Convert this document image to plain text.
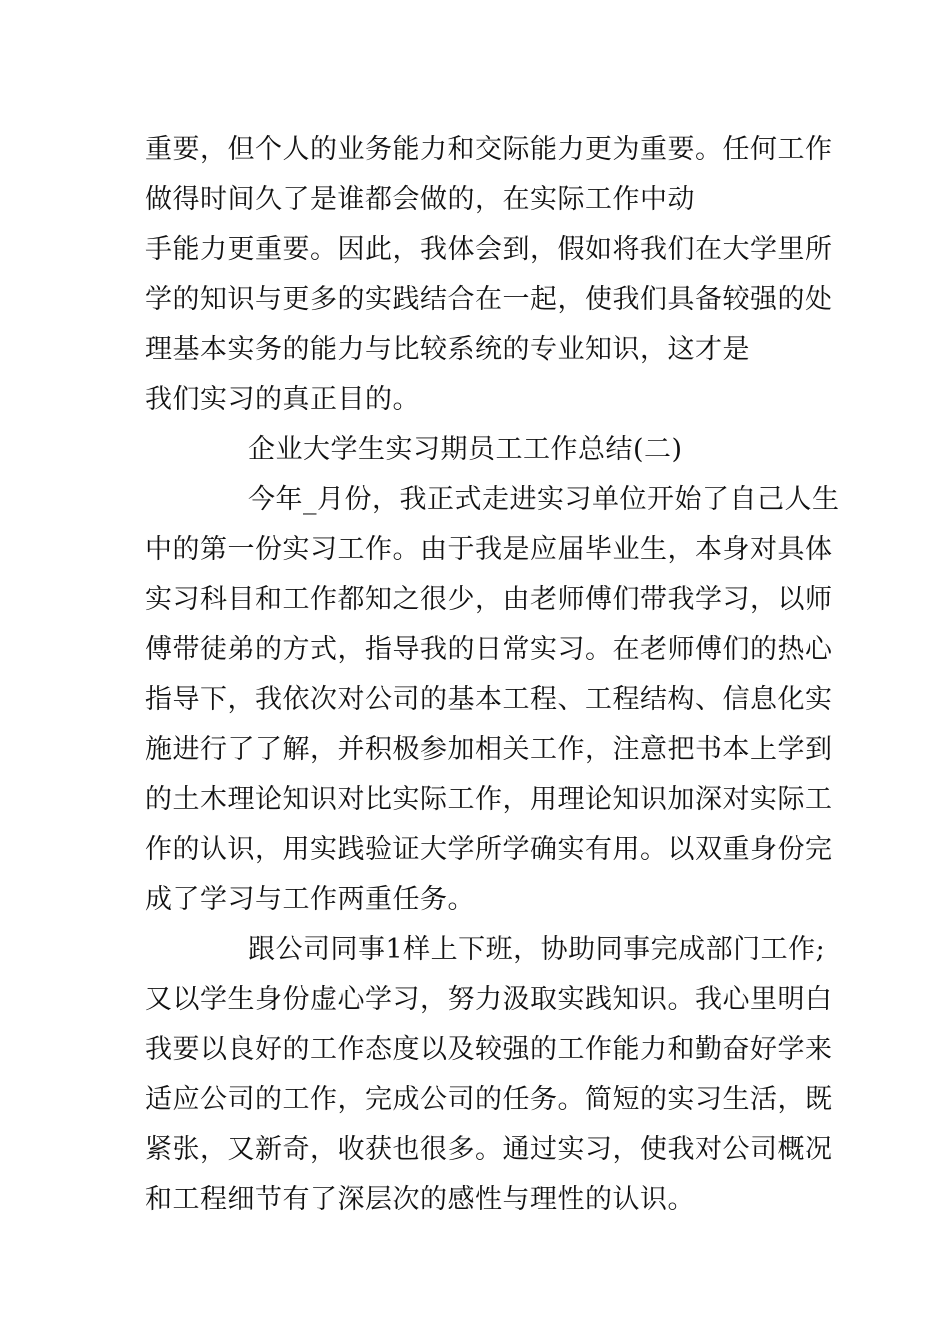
重要，但个人的业务能力和交际能力更为重要。任何工作
做得时间久了是谁都会做的，在实际工作中动
手能力更重要。因此，我体会到，假如将我们在大学里所
学的知识与更多的实践结合在一起，使我们具备较强的处
理基本实务的能力与比较系统的专业知识，这才是
我们实习的真正目的。
企业大学生实习期员工工作总结(二)
今年_月份，我正式走进实习单位开始了自己人生
中的第一份实习工作。由于我是应届毕业生，本身对具体
实习科目和工作都知之很少，由老师傅们带我学习，以师
傅带徒弟的方式，指导我的日常实习。在老师傅们的热心
指导下，我依次对公司的基本工程、工程结构、信息化实
施进行了了解，并积极参加相关工作，注意把书本上学到
的土木理论知识对比实际工作，用理论知识加深对实际工
作的认识，用实践验证大学所学确实有用。以双重身份完
成了学习与工作两重任务。
跟公司同事1样上下班，协助同事完成部门工作;
又以学生身份虚心学习，努力汲取实践知识。我心里明白
我要以良好的工作态度以及较强的工作能力和勤奋好学来
适应公司的工作，完成公司的任务。简短的实习生活，既
紧张，又新奇，收获也很多。通过实习，使我对公司概况
和工程细节有了深层次的感性与理性的认识。
